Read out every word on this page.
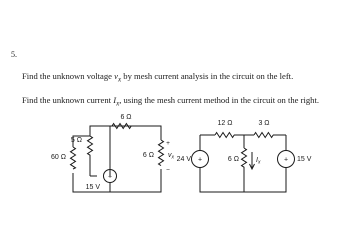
5.
Find the unknown voltage $v_x$ by mesh current analysis in the circuit on the left.
Find the unknown current $I_x$, using the mesh current method in the circuit on the right.
5 Ω
6 Ω
60 Ω	6 Ω
15 V
+
+
$v_x$
−
12 Ω	3 Ω
24 V +	6 Ω $I_x$	+ 15 V
